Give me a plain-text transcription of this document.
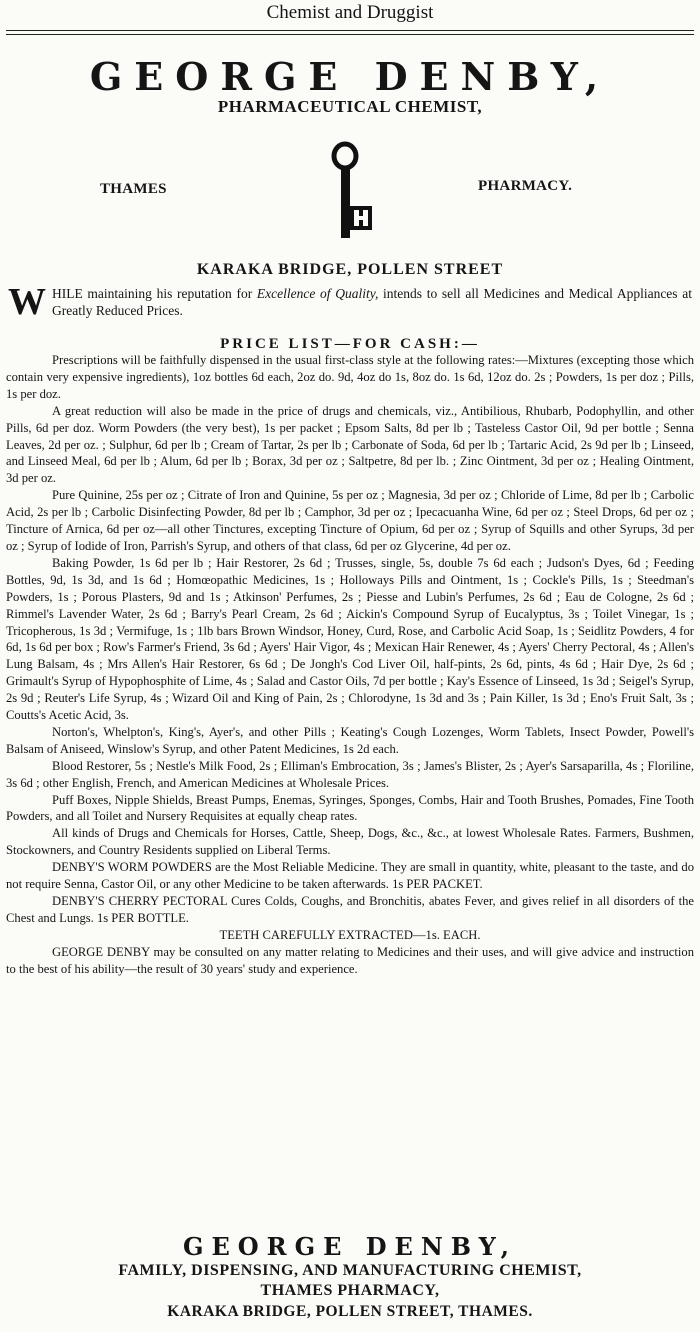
Chemist and Druggist
GEORGE DENBY,
PHARMACEUTICAL CHEMIST,
THAMES	PHARMACY.
KARAKA BRIDGE, POLLEN STREET
W HILE maintaining his reputation for Excellence of Quality, intends to sell all Medicines and Medical Appliances at Greatly Reduced Prices.
PRICE LIST—FOR CASH:—

Prescriptions will be faithfully dispensed in the usual first-class style at the following rates:—Mixtures (excepting those which contain very expensive ingredients), 1oz bottles 6d each, 2oz do. 9d, 4oz do 1s, 8oz do. 1s 6d, 12oz do. 2s ; Powders, 1s per doz ; Pills, 1s per doz.

A great reduction will also be made in the price of drugs and chemicals, viz., Antibilious, Rhubarb, Podophyllin, and other Pills, 6d per doz. Worm Powders (the very best), 1s per packet ; Epsom Salts, 8d per lb ; Tasteless Castor Oil, 9d per bottle ; Senna Leaves, 2d per oz. ; Sulphur, 6d per lb ; Cream of Tartar, 2s per lb ; Carbonate of Soda, 6d per lb ; Tartaric Acid, 2s 9d per lb ; Linseed, and Linseed Meal, 6d per lb ; Alum, 6d per lb ; Borax, 3d per oz ; Saltpetre, 8d per lb. ; Zinc Ointment, 3d per oz ; Healing Ointment, 3d per oz.

Pure Quinine, 25s per oz ; Citrate of Iron and Quinine, 5s per oz ; Magnesia, 3d per oz ; Chloride of Lime, 8d per lb ; Carbolic Acid, 2s per lb ; Carbolic Disinfecting Powder, 8d per lb ; Camphor, 3d per oz ; Ipecacuanha Wine, 6d per oz ; Steel Drops, 6d per oz ; Tincture of Arnica, 6d per oz—all other Tinctures, excepting Tincture of Opium, 6d per oz ; Syrup of Squills and other Syrups, 3d per oz ; Syrup of Iodide of Iron, Parrish's Syrup, and others of that class, 6d per oz Glycerine, 4d per oz.

Baking Powder, 1s 6d per lb ; Hair Restorer, 2s 6d ; Trusses, single, 5s, double 7s 6d each ; Judson's Dyes, 6d ; Feeding Bottles, 9d, 1s 3d, and 1s 6d ; Homœopathic Medicines, 1s ; Holloways Pills and Ointment, 1s ; Cockle's Pills, 1s ; Steedman's Powders, 1s ; Porous Plasters, 9d and 1s ; Atkinson' Perfumes, 2s ; Piesse and Lubin's Perfumes, 2s 6d ; Eau de Cologne, 2s 6d ; Rimmel's Lavender Water, 2s 6d ; Barry's Pearl Cream, 2s 6d ; Aickin's Compound Syrup of Eucalyptus, 3s ; Toilet Vinegar, 1s ; Tricopherous, 1s 3d ; Vermifuge, 1s ; 1lb bars Brown Windsor, Honey, Curd, Rose, and Carbolic Acid Soap, 1s ; Seidlitz Powders, 4 for 6d, 1s 6d per box ; Row's Farmer's Friend, 3s 6d ; Ayers' Hair Vigor, 4s ; Mexican Hair Renewer, 4s ; Ayers' Cherry Pectoral, 4s ; Allen's Lung Balsam, 4s ; Mrs Allen's Hair Restorer, 6s 6d ; De Jongh's Cod Liver Oil, half-pints, 2s 6d, pints, 4s 6d ; Hair Dye, 2s 6d ; Grimault's Syrup of Hypophosphite of Lime, 4s ; Salad and Castor Oils, 7d per bottle ; Kay's Essence of Linseed, 1s 3d ; Seigel's Syrup, 2s 9d ; Reuter's Life Syrup, 4s ; Wizard Oil and King of Pain, 2s ; Chlorodyne, 1s 3d and 3s ; Pain Killer, 1s 3d ; Eno's Fruit Salt, 3s ; Coutts's Acetic Acid, 3s.

Norton's, Whelpton's, King's, Ayer's, and other Pills ; Keating's Cough Lozenges, Worm Tablets, Insect Powder, Powell's Balsam of Aniseed, Winslow's Syrup, and other Patent Medicines, 1s 2d each.

Blood Restorer, 5s ; Nestle's Milk Food, 2s ; Elliman's Embrocation, 3s ; James's Blister, 2s ; Ayer's Sarsaparilla, 4s ; Floriline, 3s 6d ; other English, French, and American Medicines at Wholesale Prices.

Puff Boxes, Nipple Shields, Breast Pumps, Enemas, Syringes, Sponges, Combs, Hair and Tooth Brushes, Pomades, Fine Tooth Powders, and all Toilet and Nursery Requisites at equally cheap rates.

All kinds of Drugs and Chemicals for Horses, Cattle, Sheep, Dogs, &c., &c., at lowest Wholesale Rates. Farmers, Bushmen, Stockowners, and Country Residents supplied on Liberal Terms.

DENBY'S WORM POWDERS are the Most Reliable Medicine. They are small in quantity, white, pleasant to the taste, and do not require Senna, Castor Oil, or any other Medicine to be taken afterwards. 1s PER PACKET.

DENBY'S CHERRY PECTORAL Cures Colds, Coughs, and Bronchitis, abates Fever, and gives relief in all disorders of the Chest and Lungs. 1s PER BOTTLE.

TEETH CAREFULLY EXTRACTED—1s. EACH.

GEORGE DENBY may be consulted on any matter relating to Medicines and their uses, and will give advice and instruction to the best of his ability—the result of 30 years' study and experience.

GEORGE DENBY,
FAMILY, DISPENSING, AND MANUFACTURING CHEMIST,
THAMES PHARMACY,
KARAKA BRIDGE, POLLEN STREET, THAMES.
